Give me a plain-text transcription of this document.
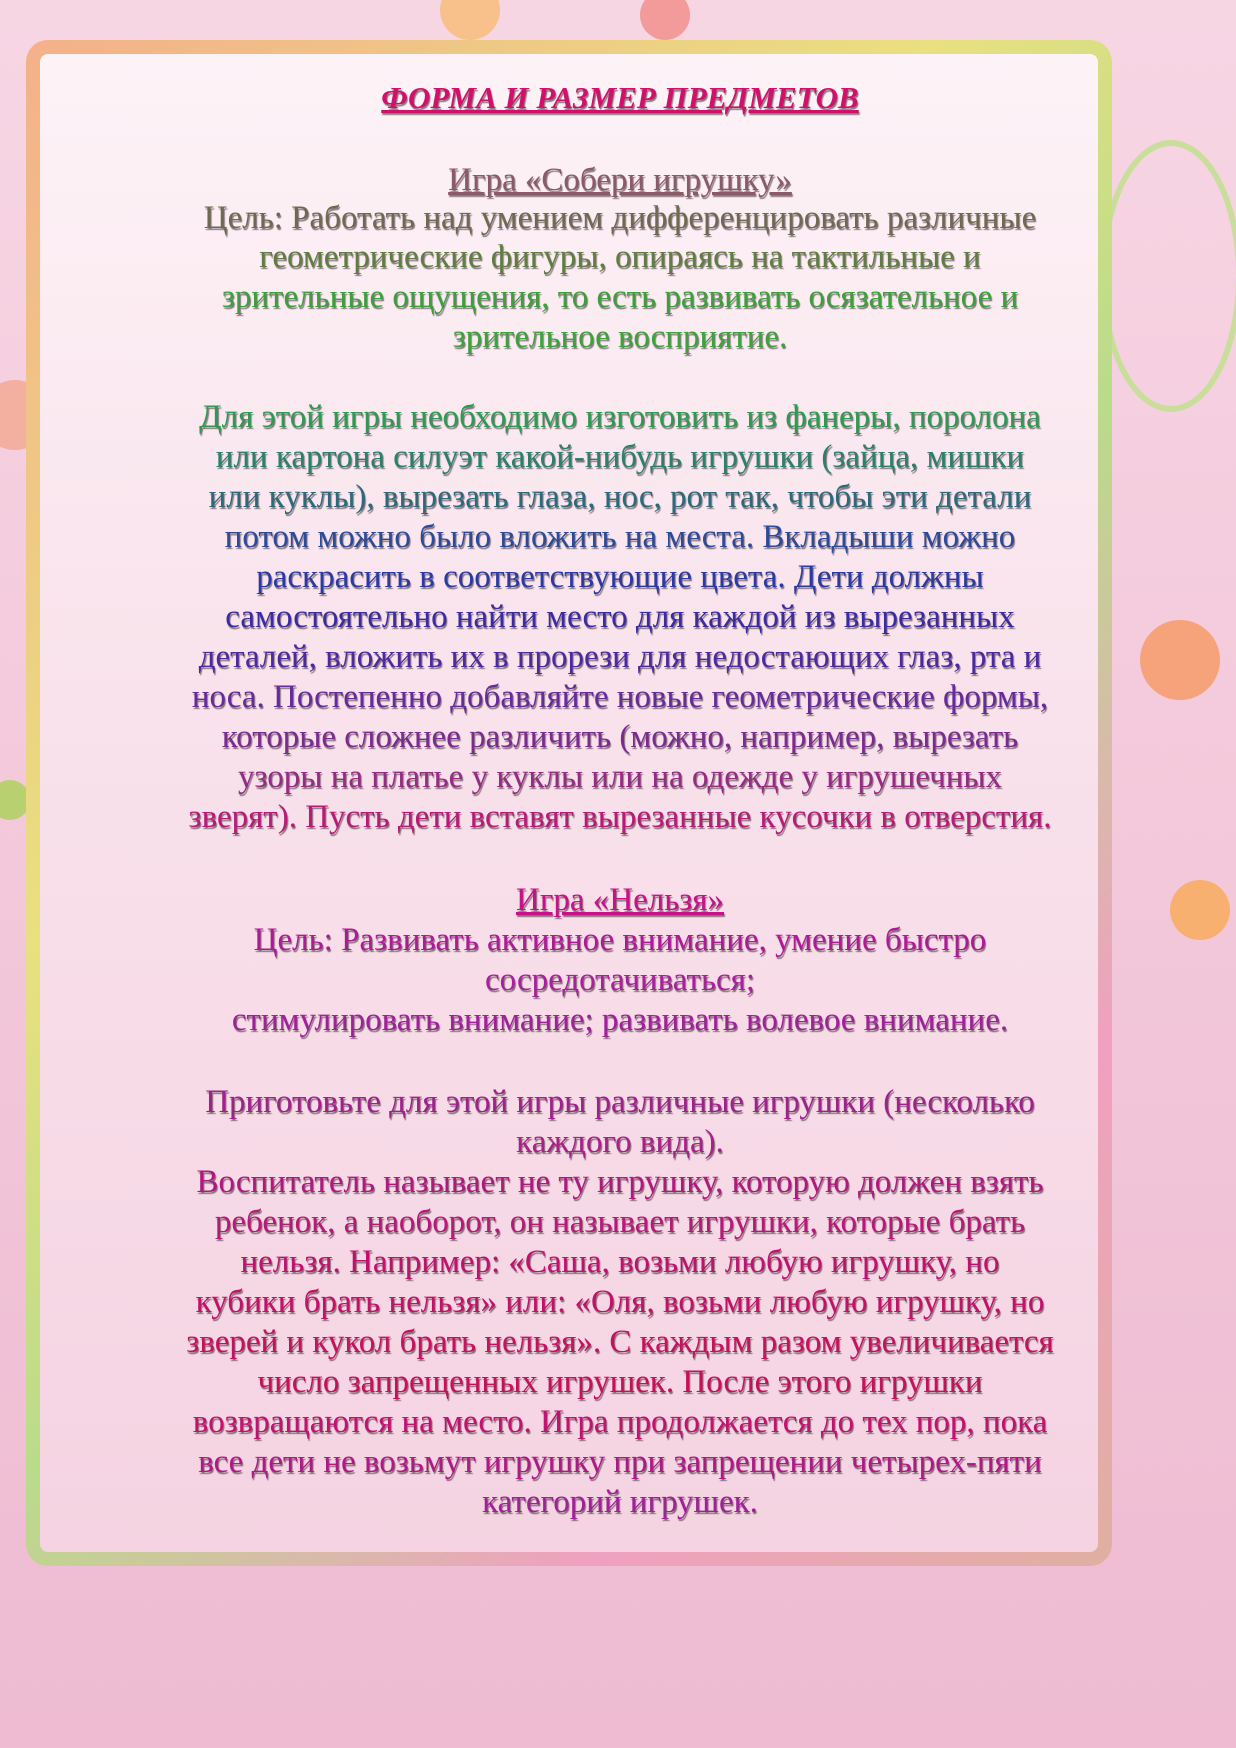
ФОРМА И РАЗМЕР ПРЕДМЕТОВ
Игра «Собери игрушку»
Цель: Работать над умением дифференцировать различные
геометрические фигуры, опираясь на тактильные и
зрительные ощущения, то есть развивать осязательное и
зрительное восприятие.
Для этой игры необходимо изготовить из фанеры, поролона
или картона силуэт какой-нибудь игрушки (зайца, мишки
или куклы), вырезать глаза, нос, рот так, чтобы эти детали
потом можно было вложить на места. Вкладыши можно
раскрасить в соответствующие цвета. Дети должны
самостоятельно найти место для каждой из вырезанных
деталей, вложить их в прорези для недостающих глаз, рта и
носа. Постепенно добавляйте новые геометрические формы,
которые сложнее различить (можно, например, вырезать
узоры на платье у куклы или на одежде у игрушечных
зверят). Пусть дети вставят вырезанные кусочки в отверстия.
Игра «Нельзя»
Цель: Развивать активное внимание, умение быстро
сосредотачиваться;
стимулировать внимание; развивать волевое внимание.
Приготовьте для этой игры различные игрушки (несколько
каждого вида).
Воспитатель называет не ту игрушку, которую должен взять
ребенок, а наоборот, он называет игрушки, которые брать
нельзя. Например: «Саша, возьми любую игрушку, но
кубики брать нельзя» или: «Оля, возьми любую игрушку, но
зверей и кукол брать нельзя». С каждым разом увеличивается
число запрещенных игрушек. После этого игрушки
возвращаются на место. Игра продолжается до тех пор, пока
все дети не возьмут игрушку при запрещении четырех-пяти
категорий игрушек.
